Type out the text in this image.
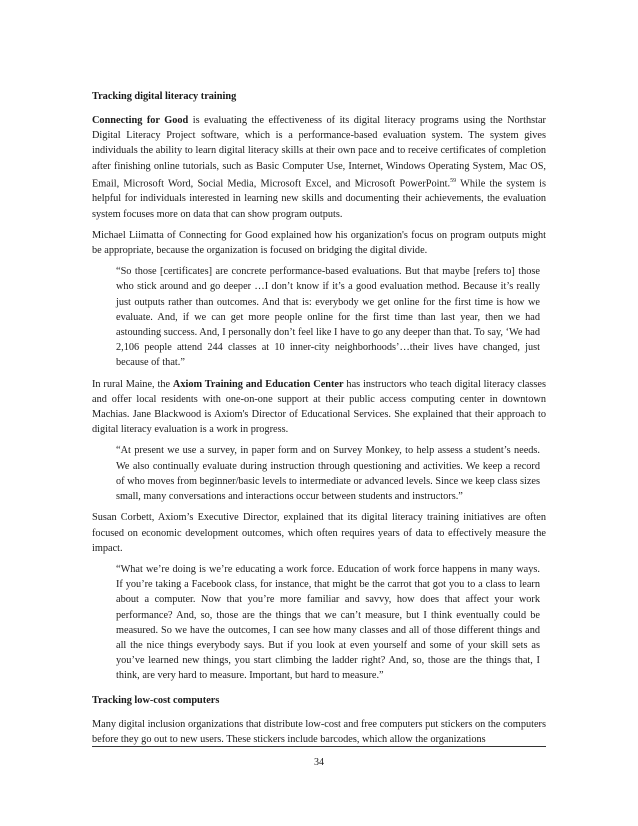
Tracking digital literacy training

Connecting for Good is evaluating the effectiveness of its digital literacy programs using the Northstar Digital Literacy Project software, which is a performance-based evaluation system. The system gives individuals the ability to learn digital literacy skills at their own pace and to receive certificates of completion after finishing online tutorials, such as Basic Computer Use, Internet, Windows Operating System, Mac OS, Email, Microsoft Word, Social Media, Microsoft Excel, and Microsoft PowerPoint.$^{59}$ While the system is helpful for individuals interested in learning new skills and documenting their achievements, the evaluation system focuses more on data that can show program outputs.

Michael Liimatta of Connecting for Good explained how his organization's focus on program outputs might be appropriate, because the organization is focused on bridging the digital divide.

“So those [certificates] are concrete performance-based evaluations. But that maybe [refers to] those who stick around and go deeper …I don’t know if it’s a good evaluation method. Because it’s really just outputs rather than outcomes. And that is: everybody we get online for the first time is how we evaluate. And, if we can get more people online for the first time than last year, then we had astounding success. And, I personally don’t feel like I have to go any deeper than that. To say, ‘We had 2,106 people attend 244 classes at 10 inner-city neighborhoods’…their lives have changed, just because of that.”

In rural Maine, the Axiom Training and Education Center has instructors who teach digital literacy classes and offer local residents with one-on-one support at their public access computing center in downtown Machias. Jane Blackwood is Axiom's Director of Educational Services. She explained that their approach to digital literacy evaluation is a work in progress.

“At present we use a survey, in paper form and on Survey Monkey, to help assess a student’s needs. We also continually evaluate during instruction through questioning and activities. We keep a record of who moves from beginner/basic levels to intermediate or advanced levels. Since we keep class sizes small, many conversations and interactions occur between students and instructors.”

Susan Corbett, Axiom’s Executive Director, explained that its digital literacy training initiatives are often focused on economic development outcomes, which often requires years of data to effectively measure the impact.

“What we’re doing is we’re educating a work force. Education of work force happens in many ways. If you’re taking a Facebook class, for instance, that might be the carrot that got you to a class to learn about a computer. Now that you’re more familiar and savvy, how does that affect your work performance? And, so, those are the things that we can’t measure, but I think eventually could be measured. So we have the outcomes, I can see how many classes and all of those different things and all the nice things everybody says. But if you look at even yourself and some of your skill sets as you’ve learned new things, you start climbing the ladder right? And, so, those are the things that, I think, are very hard to measure. Important, but hard to measure.”

Tracking low-cost computers

Many digital inclusion organizations that distribute low-cost and free computers put stickers on the computers before they go out to new users. These stickers include barcodes, which allow the organizations

34
